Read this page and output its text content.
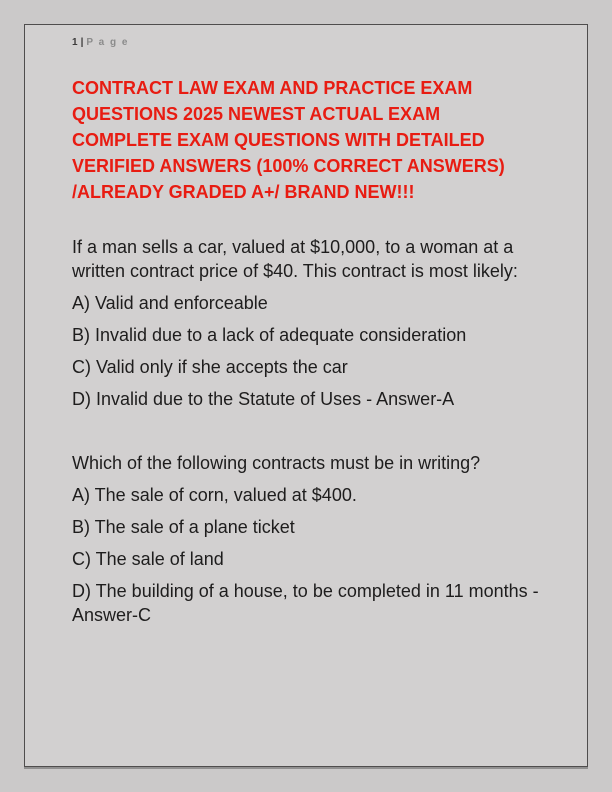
1 | P a g e
CONTRACT LAW EXAM AND PRACTICE EXAM
QUESTIONS 2025 NEWEST ACTUAL EXAM
COMPLETE EXAM QUESTIONS WITH DETAILED
VERIFIED ANSWERS (100% CORRECT ANSWERS)
/ALREADY GRADED A+/ BRAND NEW!!!

If a man sells a car, valued at $10,000, to a woman at a written contract price of $40. This contract is most likely:

A) Valid and enforceable

B) Invalid due to a lack of adequate consideration

C) Valid only if she accepts the car

D) Invalid due to the Statute of Uses - Answer-A

Which of the following contracts must be in writing?

A) The sale of corn, valued at $400.

B) The sale of a plane ticket

C) The sale of land

D) The building of a house, to be completed in 11 months - Answer-C
